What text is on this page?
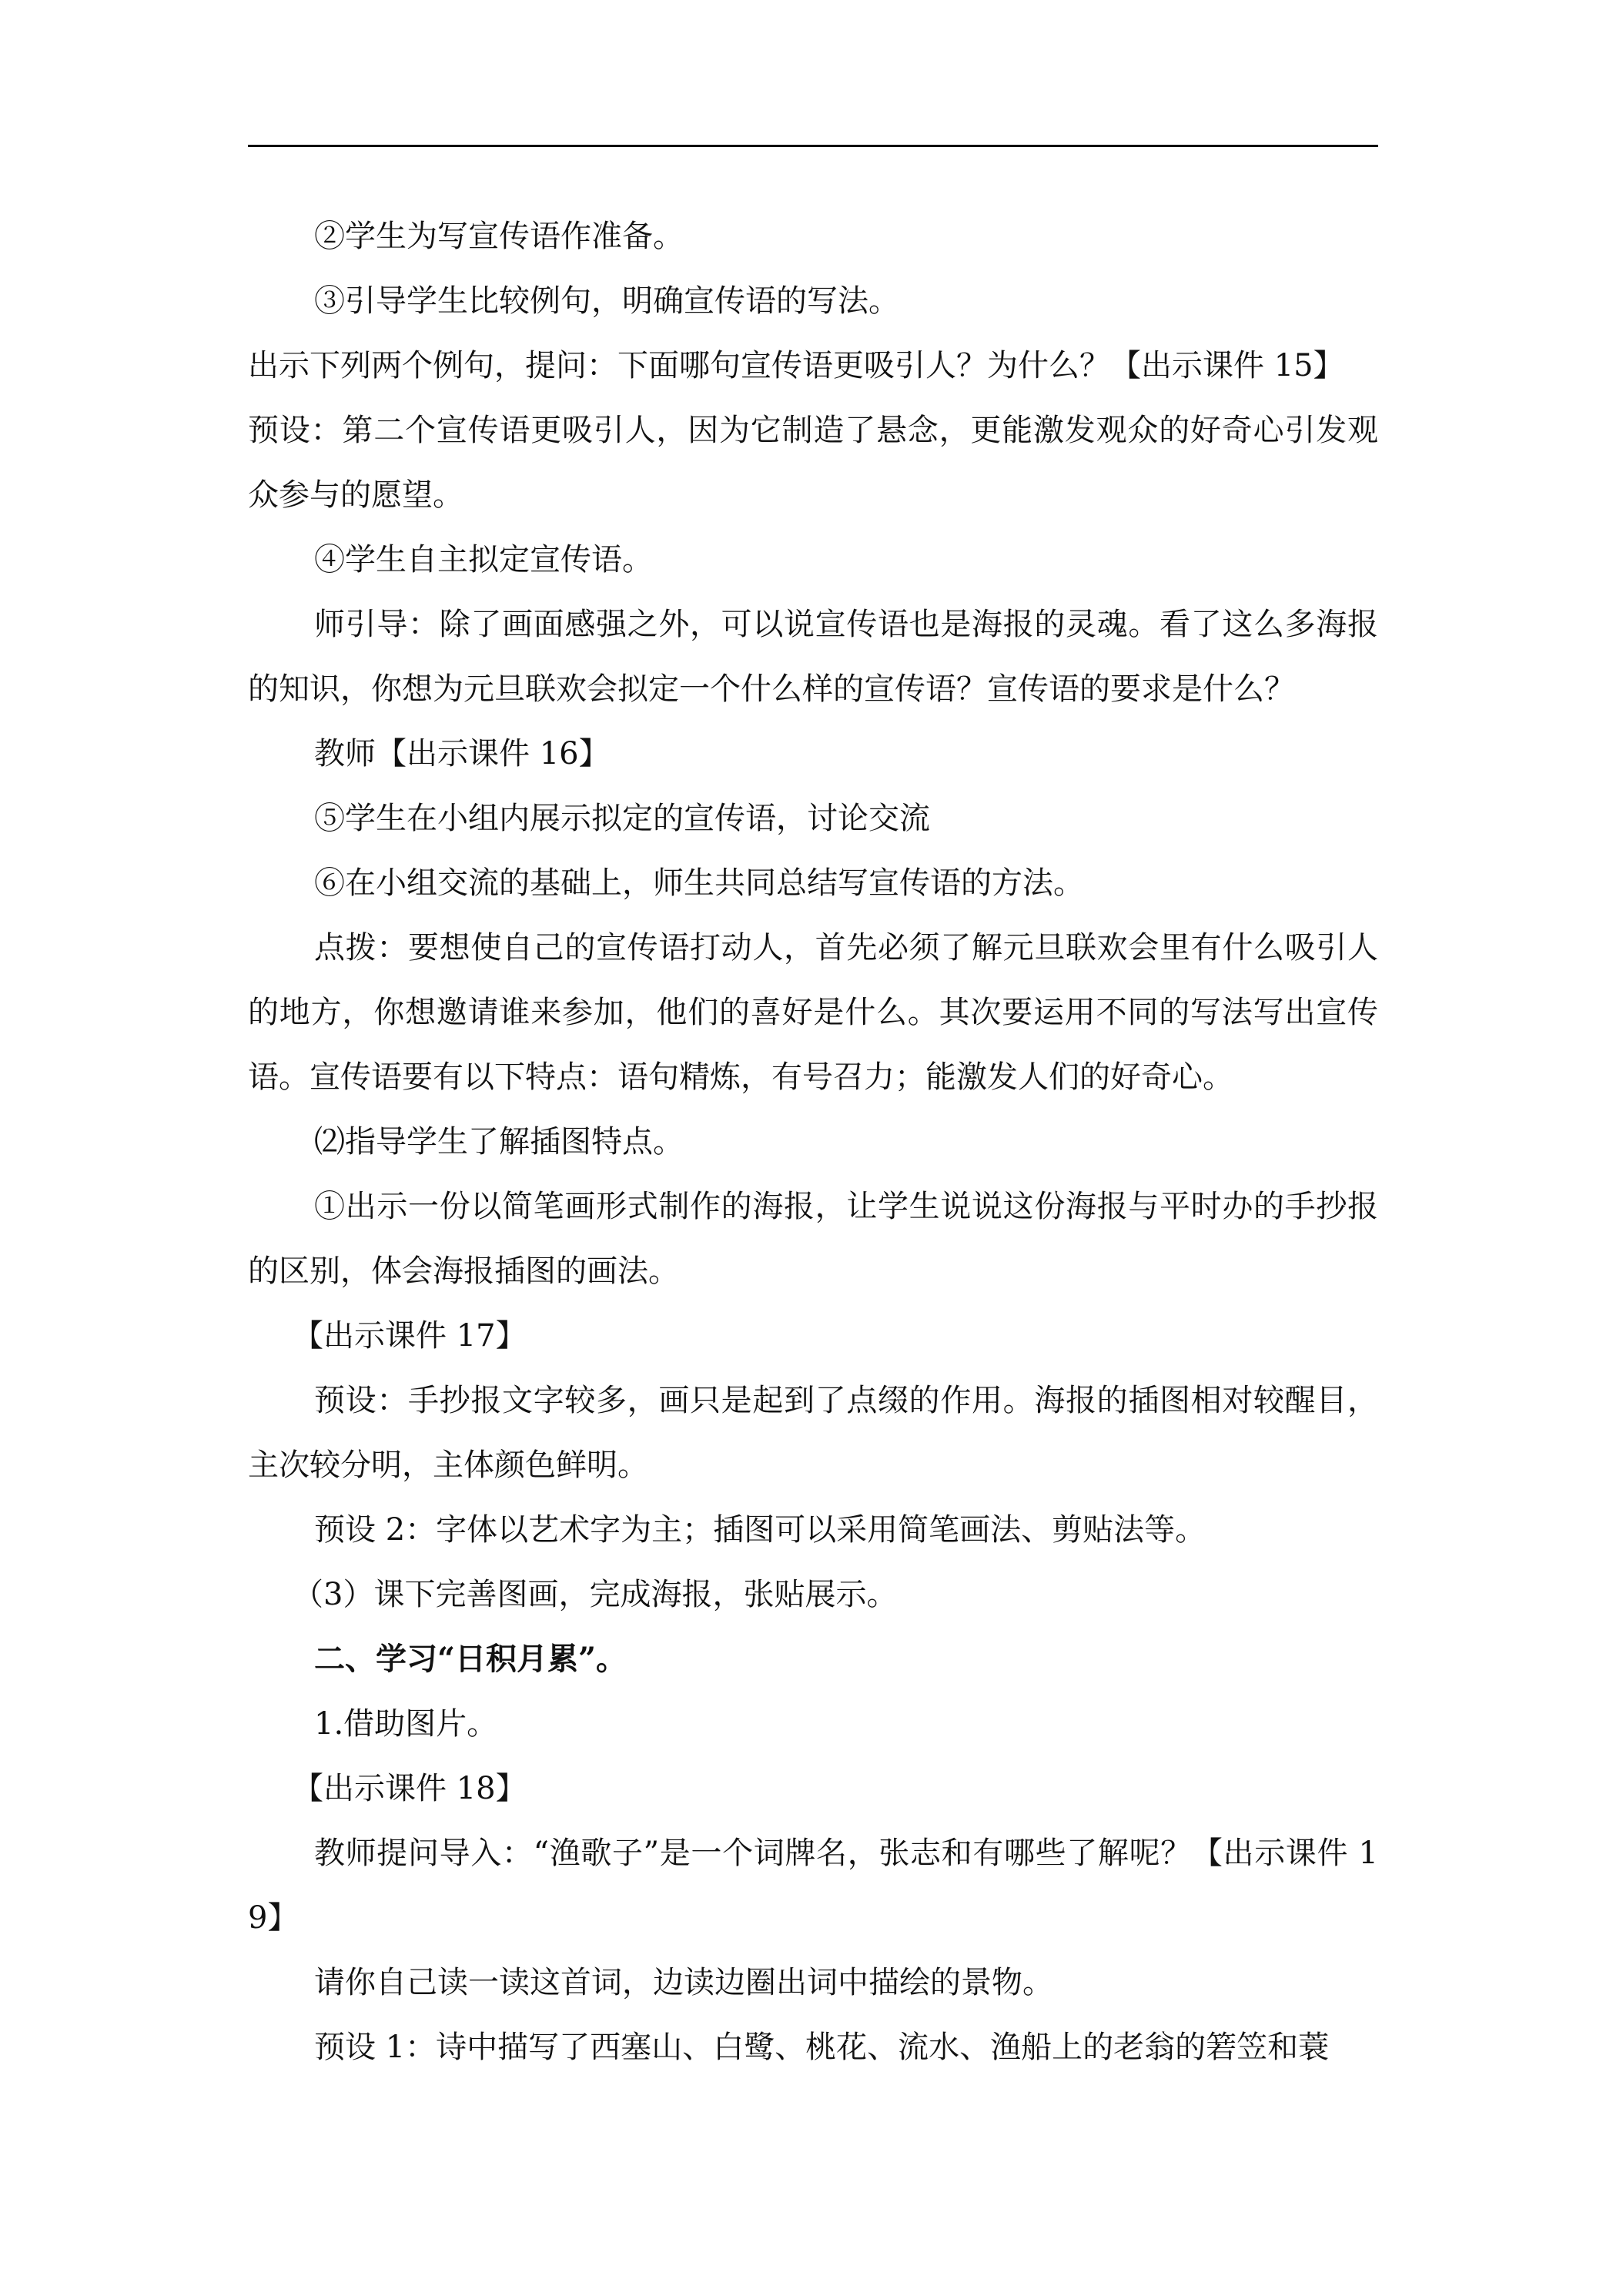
②学生为写宣传语作准备。

③引导学生比较例句，明确宣传语的写法。

出示下列两个例句，提问：下面哪句宣传语更吸引人？为什么？【出示课件 15】

预设：第二个宣传语更吸引人，因为它制造了悬念，更能激发观众的好奇心引发观众参与的愿望。

④学生自主拟定宣传语。

师引导：除了画面感强之外，可以说宣传语也是海报的灵魂。看了这么多海报的知识，你想为元旦联欢会拟定一个什么样的宣传语？宣传语的要求是什么？

教师【出示课件 16】

⑤学生在小组内展示拟定的宣传语，讨论交流

⑥在小组交流的基础上，师生共同总结写宣传语的方法。

点拨：要想使自己的宣传语打动人，首先必须了解元旦联欢会里有什么吸引人的地方，你想邀请谁来参加，他们的喜好是什么。其次要运用不同的写法写出宣传语。宣传语要有以下特点：语句精炼，有号召力；能激发人们的好奇心。

⑵指导学生了解插图特点。

①出示一份以简笔画形式制作的海报，让学生说说这份海报与平时办的手抄报的区别，体会海报插图的画法。

【出示课件 17】

预设：手抄报文字较多，画只是起到了点缀的作用。海报的插图相对较醒目，主次较分明，主体颜色鲜明。

预设 2：字体以艺术字为主；插图可以采用简笔画法、剪贴法等。

（3）课下完善图画，完成海报，张贴展示。

二、学习“日积月累”。

1.借助图片。

【出示课件 18】

教师提问导入：“渔歌子”是一个词牌名，张志和有哪些了解呢？【出示课件 19】

请你自己读一读这首词，边读边圈出词中描绘的景物。

预设 1：诗中描写了西塞山、白鹭、桃花、流水、渔船上的老翁的箬笠和蓑
